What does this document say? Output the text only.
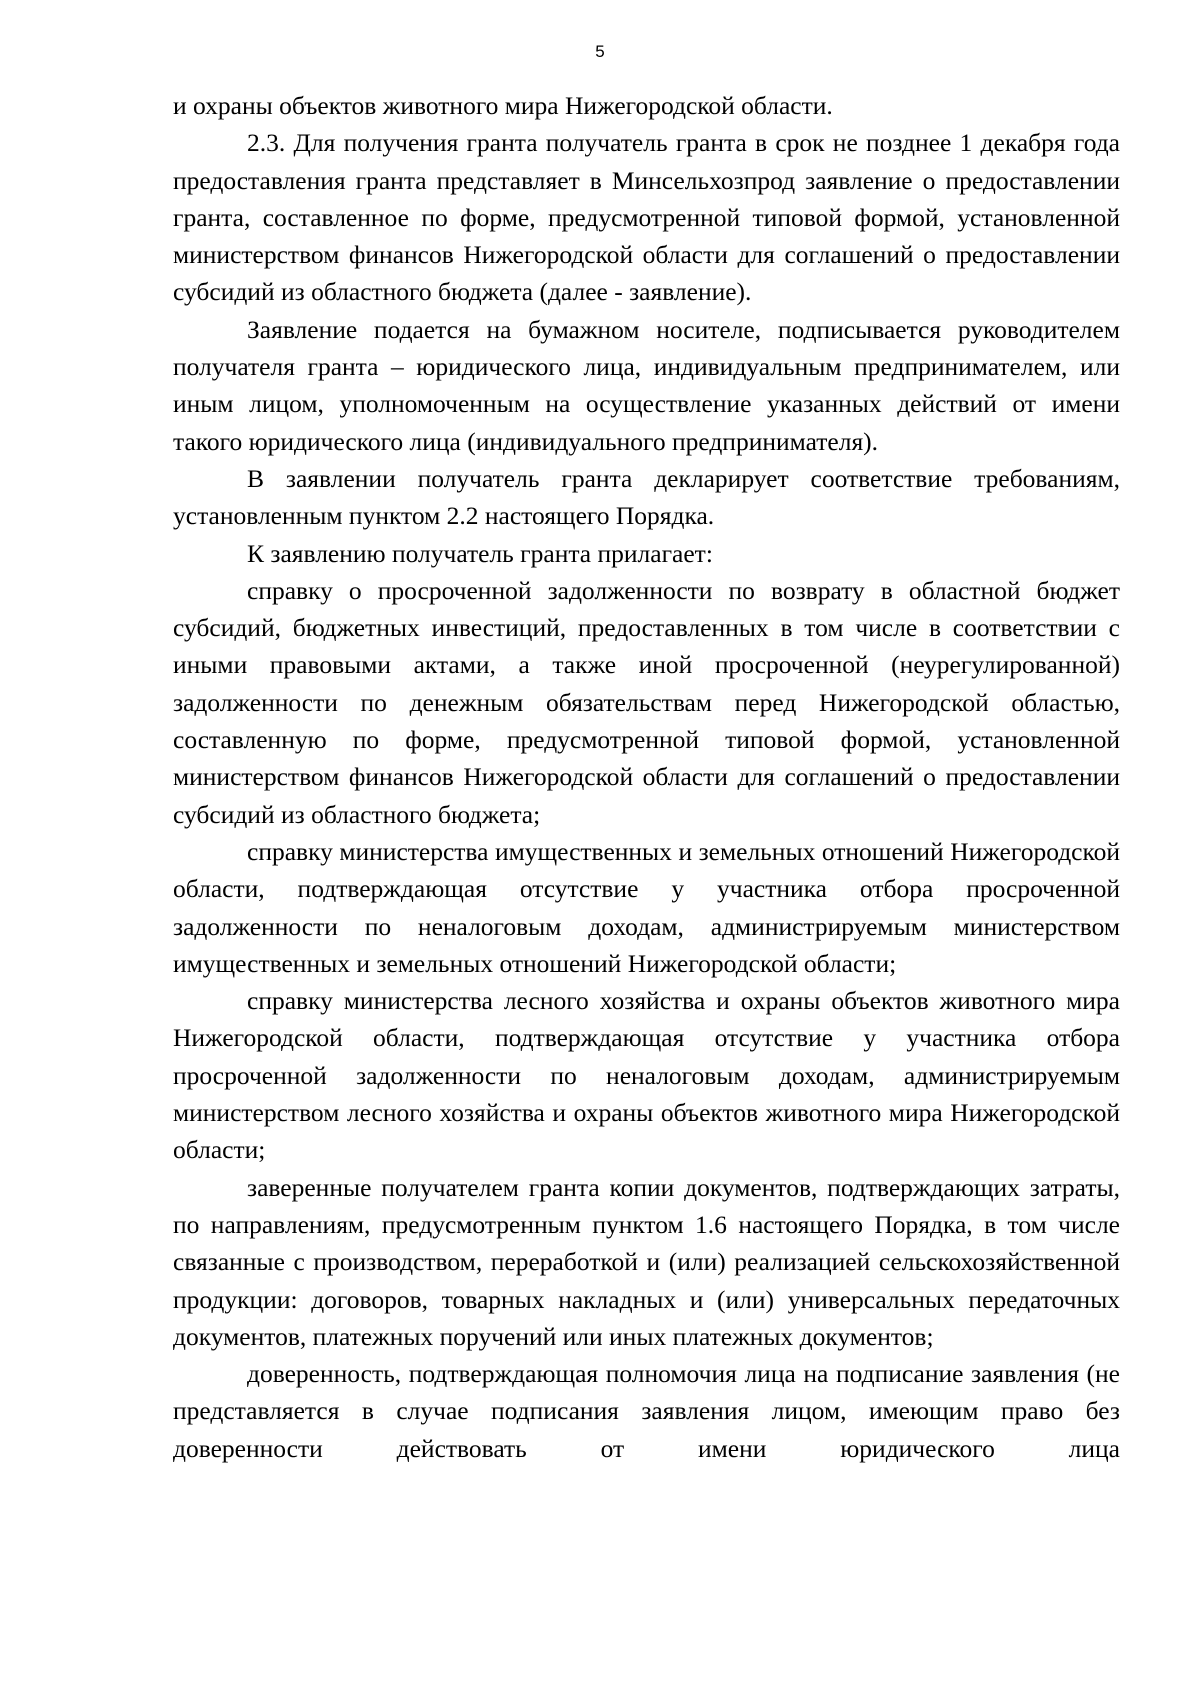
5

и охраны объектов животного мира Нижегородской области.

2.3. Для получения гранта получатель гранта в срок не позднее 1 декабря года предоставления гранта представляет в Минсельхозпрод заявление о предоставлении гранта, составленное по форме, предусмотренной типовой формой, установленной министерством финансов Нижегородской области для соглашений о предоставлении субсидий из областного бюджета (далее - заявление).

Заявление подается на бумажном носителе, подписывается руководителем получателя гранта – юридического лица, индивидуальным предпринимателем, или иным лицом, уполномоченным на осуществление указанных действий от имени такого юридического лица (индивидуального предпринимателя).

В заявлении получатель гранта декларирует соответствие требованиям, установленным пунктом 2.2 настоящего Порядка.

К заявлению получатель гранта прилагает:

справку о просроченной задолженности по возврату в областной бюджет субсидий, бюджетных инвестиций, предоставленных в том числе в соответствии с иными правовыми актами, а также иной просроченной (неурегулированной) задолженности по денежным обязательствам перед Нижегородской областью, составленную по форме, предусмотренной типовой формой, установленной министерством финансов Нижегородской области для соглашений о предоставлении субсидий из областного бюджета;

справку министерства имущественных и земельных отношений Нижегородской области, подтверждающая отсутствие у участника отбора просроченной задолженности по неналоговым доходам, администрируемым министерством имущественных и земельных отношений Нижегородской области;

справку министерства лесного хозяйства и охраны объектов животного мира Нижегородской области, подтверждающая отсутствие у участника отбора просроченной задолженности по неналоговым доходам, администрируемым министерством лесного хозяйства и охраны объектов животного мира Нижегородской области;

заверенные получателем гранта копии документов, подтверждающих затраты, по направлениям, предусмотренным пунктом 1.6 настоящего Порядка, в том числе связанные с производством, переработкой и (или) реализацией сельскохозяйственной продукции: договоров, товарных накладных и (или) универсальных передаточных документов, платежных поручений или иных платежных документов;

доверенность, подтверждающая полномочия лица на подписание заявления (не представляется в случае подписания заявления лицом, имеющим право без доверенности действовать от имени юридического лица
